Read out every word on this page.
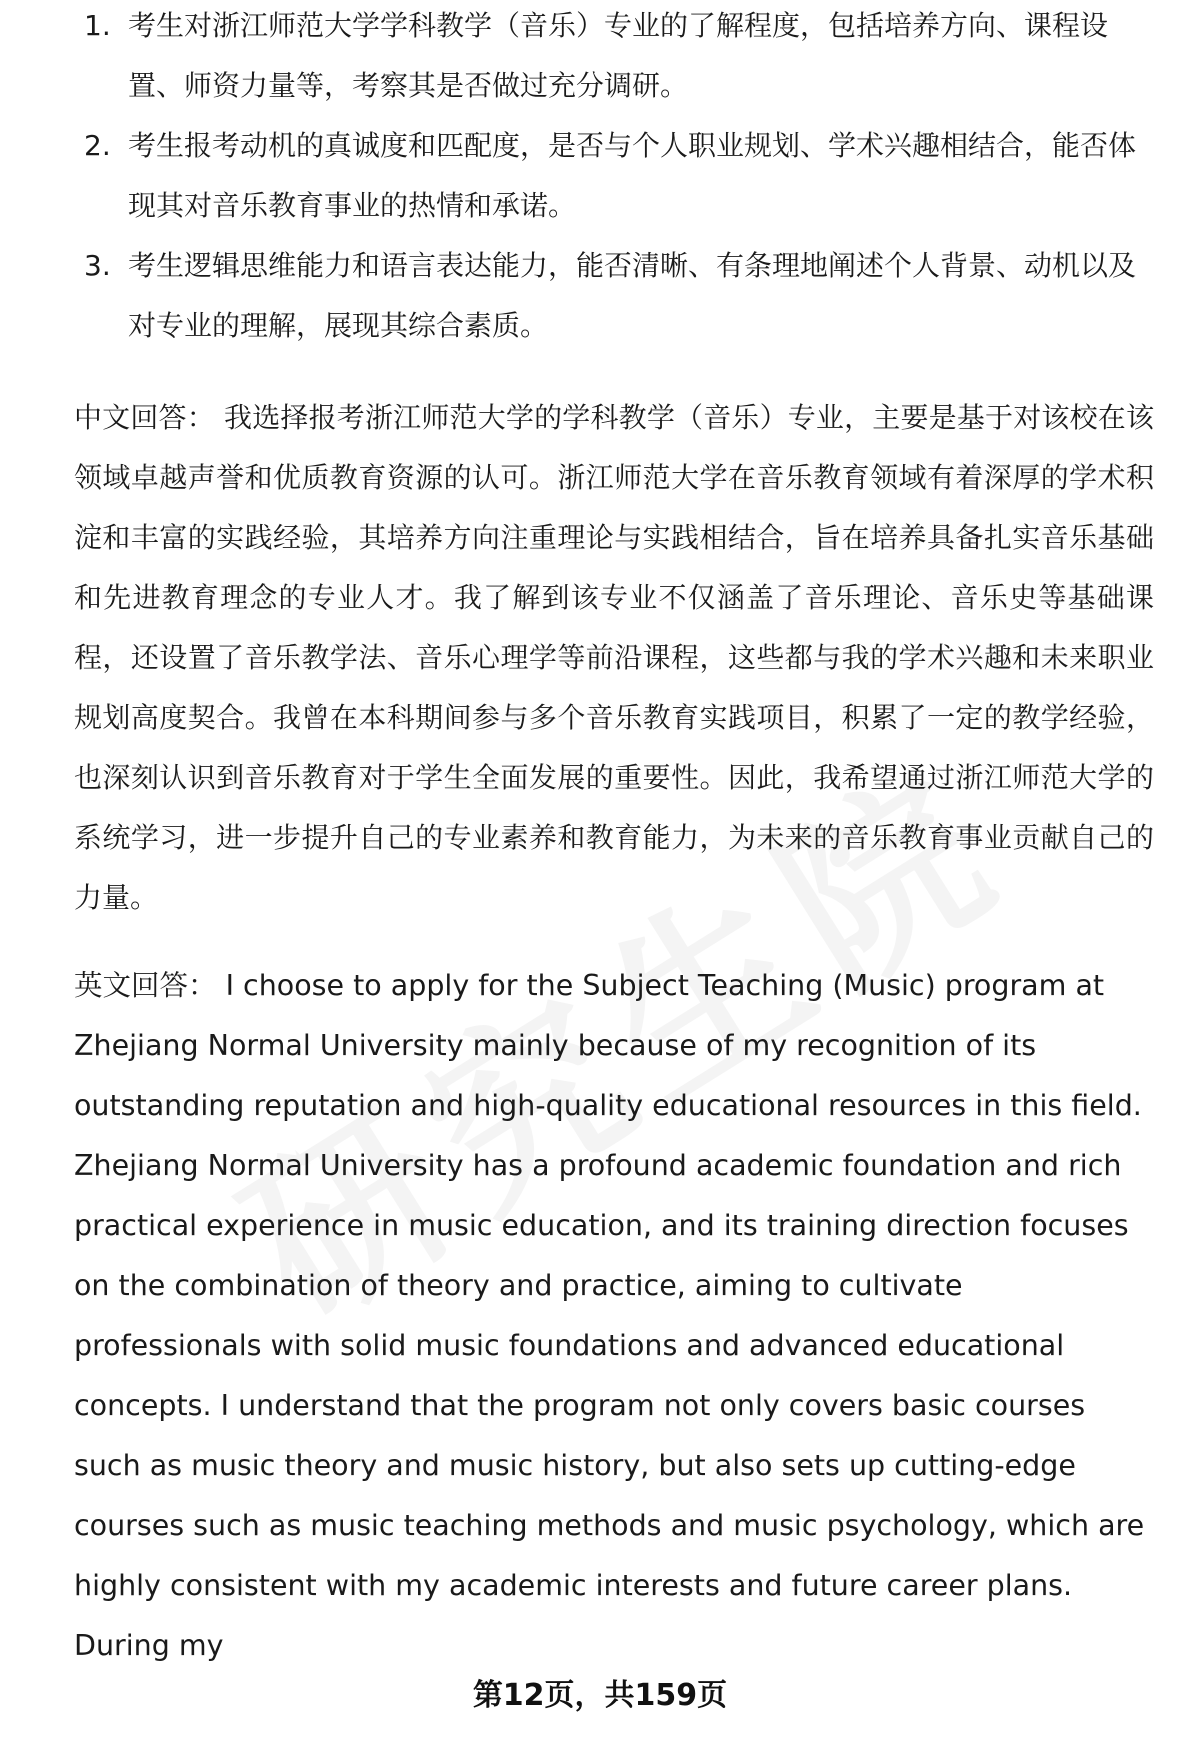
1. 考生对浙江师范大学学科教学（音乐）专业的了解程度，包括培养方向、课程设置、师资力量等，考察其是否做过充分调研。
2. 考生报考动机的真诚度和匹配度，是否与个人职业规划、学术兴趣相结合，能否体现其对音乐教育事业的热情和承诺。
3. 考生逻辑思维能力和语言表达能力，能否清晰、有条理地阐述个人背景、动机以及对专业的理解，展现其综合素质。

中文回答： 我选择报考浙江师范大学的学科教学（音乐）专业，主要是基于对该校在该领域卓越声誉和优质教育资源的认可。浙江师范大学在音乐教育领域有着深厚的学术积淀和丰富的实践经验，其培养方向注重理论与实践相结合，旨在培养具备扎实音乐基础和先进教育理念的专业人才。我了解到该专业不仅涵盖了音乐理论、音乐史等基础课程，还设置了音乐教学法、音乐心理学等前沿课程，这些都与我的学术兴趣和未来职业规划高度契合。我曾在本科期间参与多个音乐教育实践项目，积累了一定的教学经验，也深刻认识到音乐教育对于学生全面发展的重要性。因此，我希望通过浙江师范大学的系统学习，进一步提升自己的专业素养和教育能力，为未来的音乐教育事业贡献自己的力量。

英文回答： I choose to apply for the Subject Teaching (Music) program at Zhejiang Normal University mainly because of my recognition of its outstanding reputation and high-quality educational resources in this field. Zhejiang Normal University has a profound academic foundation and rich practical experience in music education, and its training direction focuses on the combination of theory and practice, aiming to cultivate professionals with solid music foundations and advanced educational concepts. I understand that the program not only covers basic courses such as music theory and music history, but also sets up cutting-edge courses such as music teaching methods and music psychology, which are highly consistent with my academic interests and future career plans. During my

第12页，共159页
